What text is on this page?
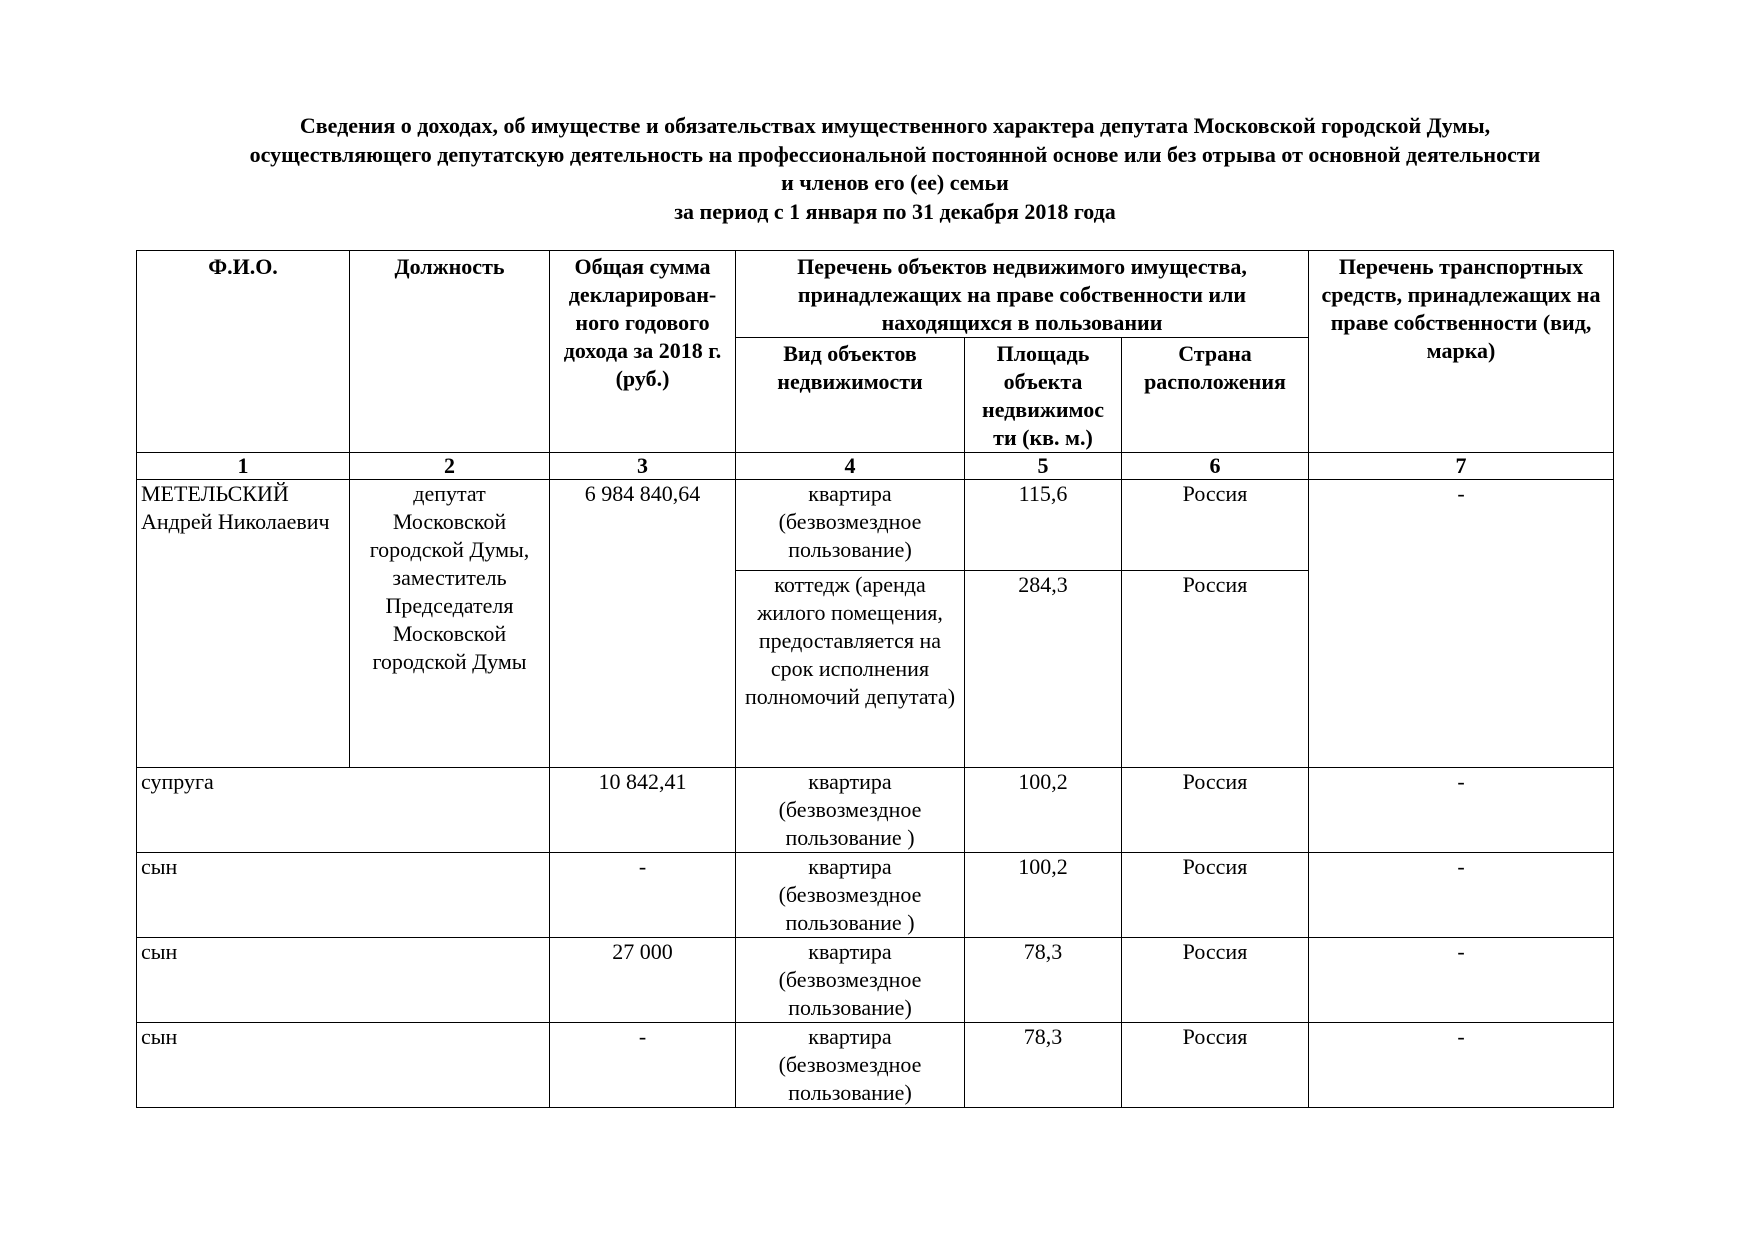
Сведения о доходах, об имуществе и обязательствах имущественного характера депутата Московской городской Думы,
осуществляющего депутатскую деятельность на профессиональной постоянной основе или без отрыва от основной деятельности
и членов его (ее) семьи
за период с 1 января по 31 декабря 2018 года
Ф.И.О.	Должность	Общая сумма декларирован-ного годового дохода за 2018 г. (руб.)	Перечень объектов недвижимого имущества, принадлежащих на праве собственности или находящихся в пользовании			Перечень транспортных средств, принадлежащих на праве собственности (вид, марка)
			Вид объектов недвижимости	Площадь объекта недвижимос ти (кв. м.)	Страна расположения	
1	2	3	4	5	6	7
МЕТЕЛЬСКИЙ Андрей Николаевич	депутат Московской городской Думы, заместитель Председателя Московской городской Думы	6 984 840,64	квартира (безвозмездное пользование)	115,6	Россия	-
			коттедж (аренда жилого помещения, предоставляется на срок исполнения полномочий депутата)	284,3	Россия	
супруга		10 842,41	квартира (безвозмездное пользование )	100,2	Россия	-
сын		-	квартира (безвозмездное пользование )	100,2	Россия	-
сын		27 000	квартира (безвозмездное пользование)	78,3	Россия	-
сын		-	квартира (безвозмездное пользование)	78,3	Россия	-
